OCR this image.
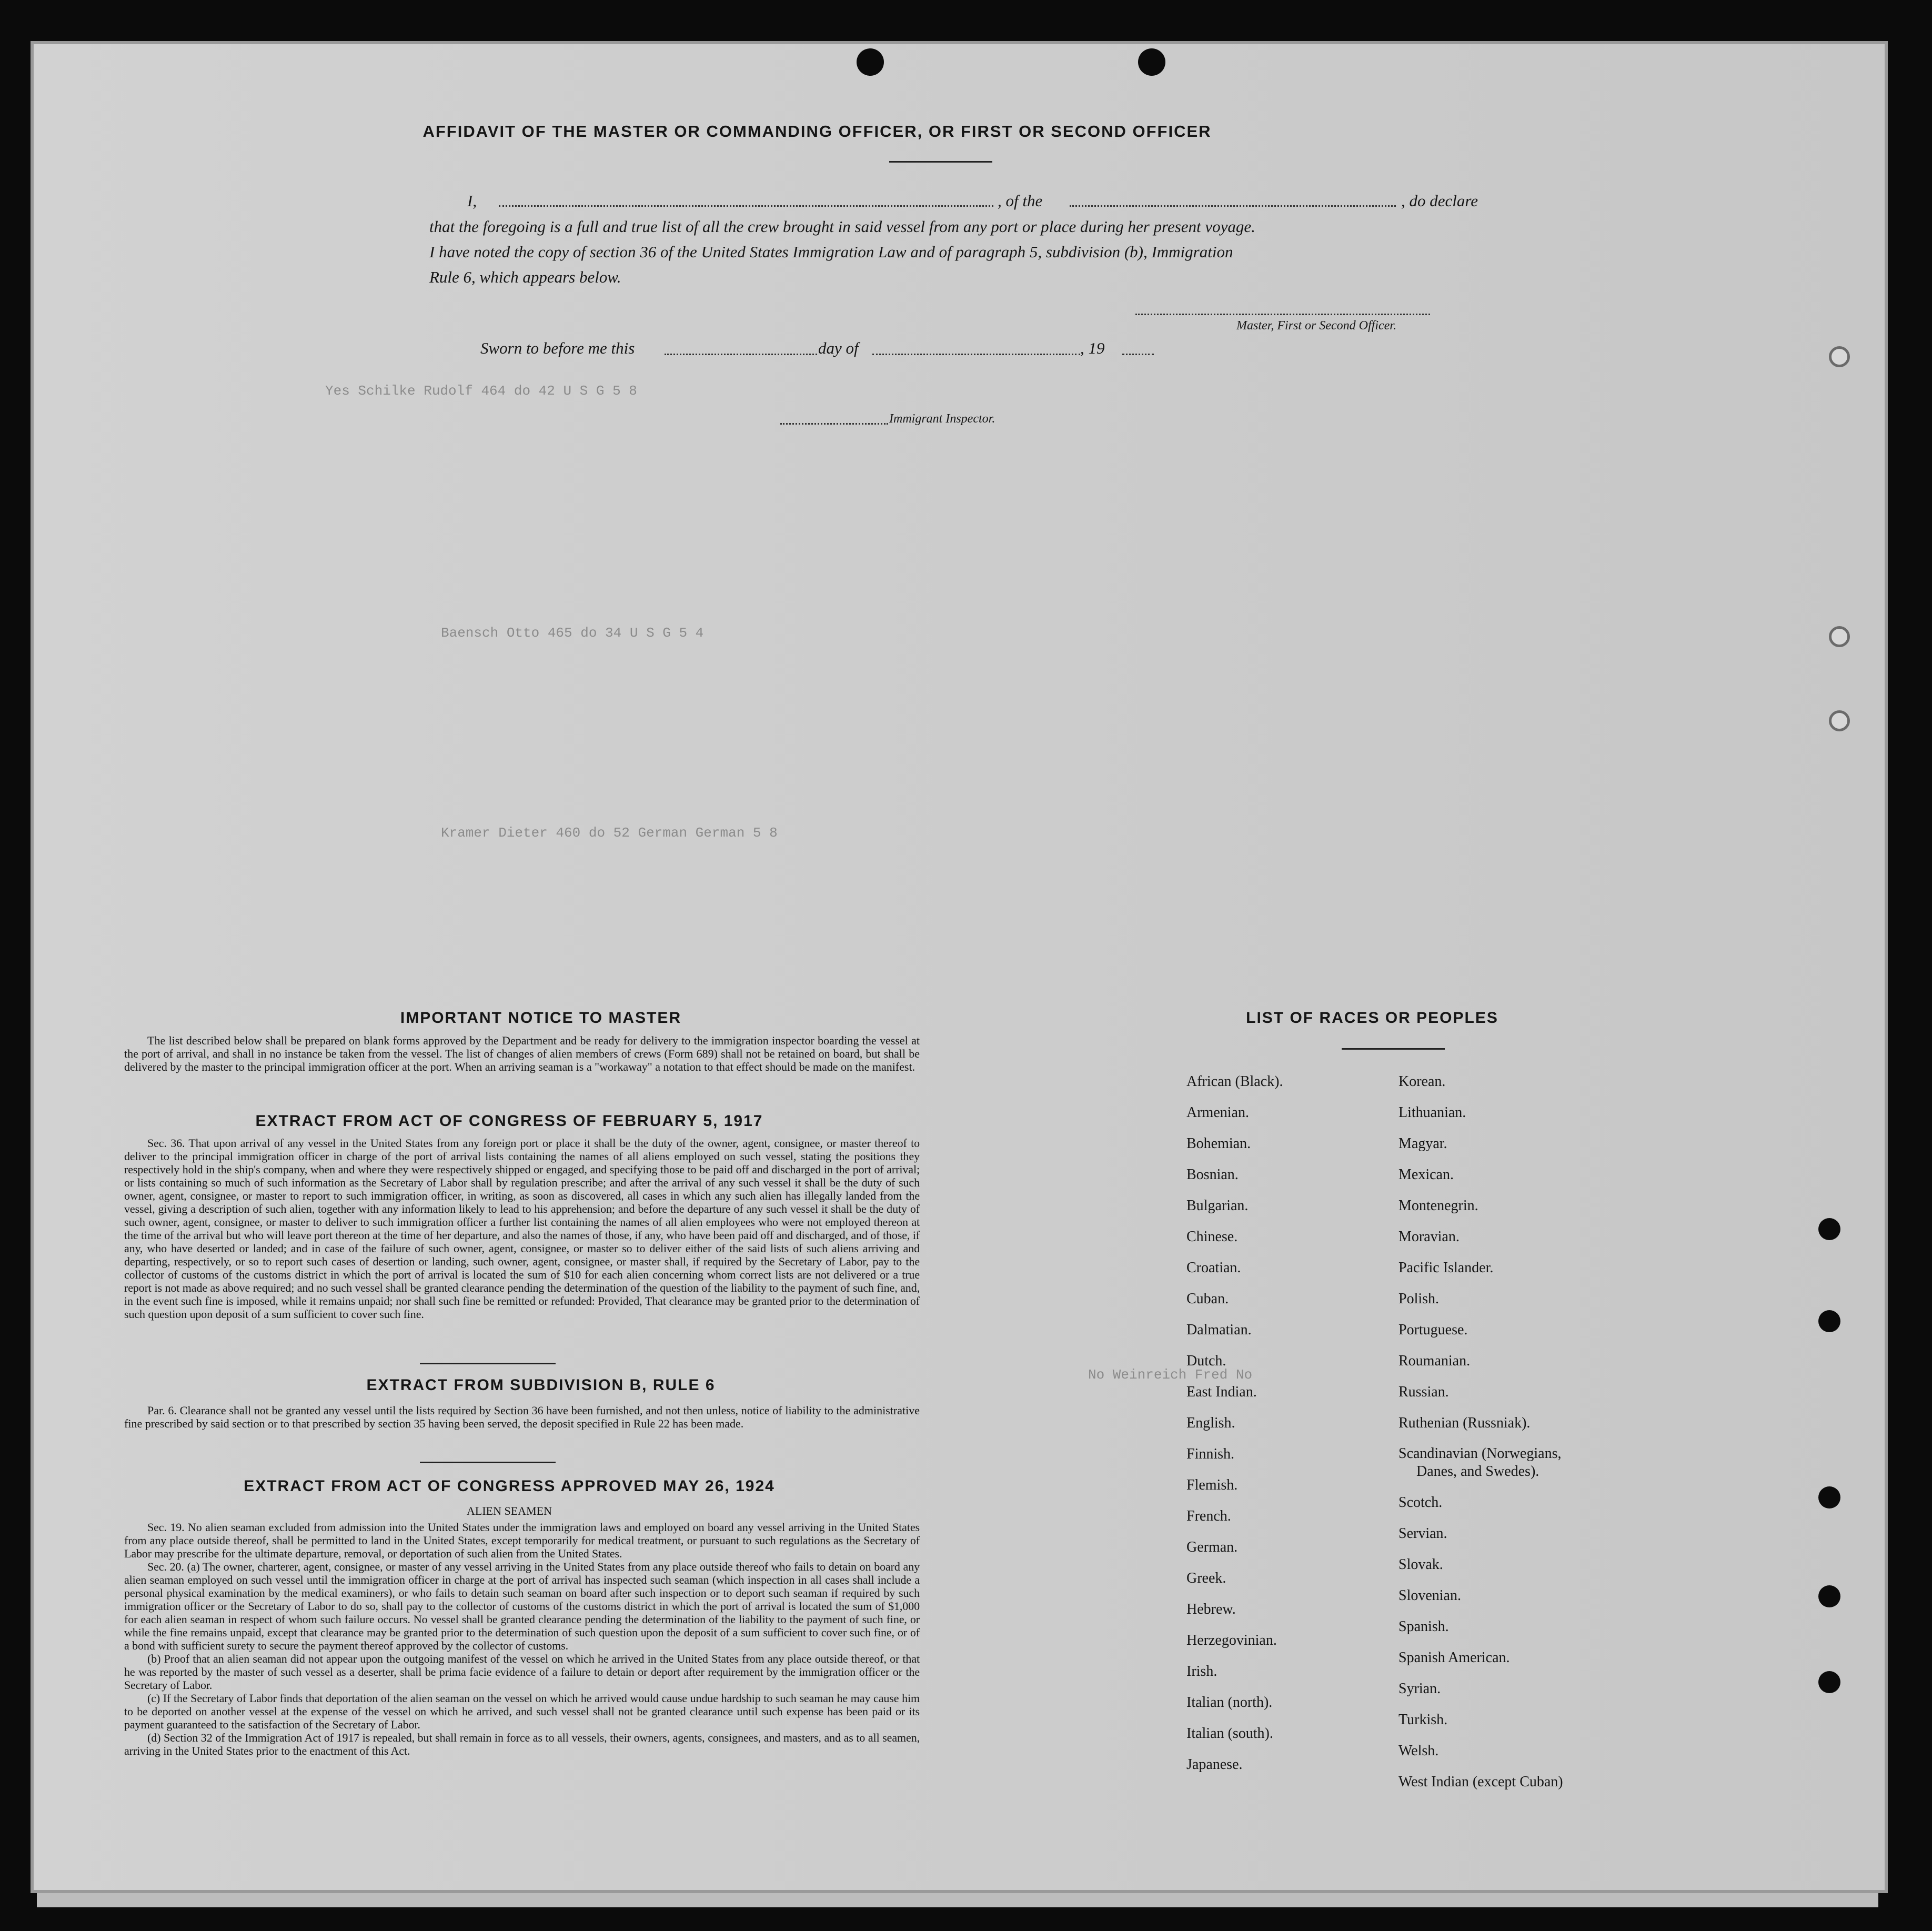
Yes Schilke Rudolf 464 do 42 U S G 5 8
Baensch Otto 465 do 34 U S G 5 4
Kramer Dieter 460 do 52 German German 5 8
No Weinreich Fred No
AFFIDAVIT OF THE MASTER OR COMMANDING OFFICER, OR FIRST OR SECOND OFFICER
I,	, of the	, do declare
that the foregoing is a full and true list of all the crew brought in said vessel from any port or place during her present voyage.
I have noted the copy of section 36 of the United States Immigration Law and of paragraph 5, subdivision (b), Immigration
Rule 6, which appears below.
Master, First or Second Officer.
Sworn to before me this	day of	, 19
Immigrant Inspector.
IMPORTANT NOTICE TO MASTER

The list described below shall be prepared on blank forms approved by the Department and be ready for delivery to the immigration inspector boarding the vessel at the port of arrival, and shall in no instance be taken from the vessel. The list of changes of alien members of crews (Form 689) shall not be retained on board, but shall be delivered by the master to the principal immigration officer at the port. When an arriving seaman is a "workaway" a notation to that effect should be made on the manifest.

EXTRACT FROM ACT OF CONGRESS OF FEBRUARY 5, 1917

Sec. 36. That upon arrival of any vessel in the United States from any foreign port or place it shall be the duty of the owner, agent, consignee, or master thereof to deliver to the principal immigration officer in charge of the port of arrival lists containing the names of all aliens employed on such vessel, stating the positions they respectively hold in the ship's company, when and where they were respectively shipped or engaged, and specifying those to be paid off and discharged in the port of arrival; or lists containing so much of such information as the Secretary of Labor shall by regulation prescribe; and after the arrival of any such vessel it shall be the duty of such owner, agent, consignee, or master to report to such immigration officer, in writing, as soon as discovered, all cases in which any such alien has illegally landed from the vessel, giving a description of such alien, together with any information likely to lead to his apprehension; and before the departure of any such vessel it shall be the duty of such owner, agent, consignee, or master to deliver to such immigration officer a further list containing the names of all alien employees who were not employed thereon at the time of the arrival but who will leave port thereon at the time of her departure, and also the names of those, if any, who have been paid off and discharged, and of those, if any, who have deserted or landed; and in case of the failure of such owner, agent, consignee, or master so to deliver either of the said lists of such aliens arriving and departing, respectively, or so to report such cases of desertion or landing, such owner, agent, consignee, or master shall, if required by the Secretary of Labor, pay to the collector of customs of the customs district in which the port of arrival is located the sum of $10 for each alien concerning whom correct lists are not delivered or a true report is not made as above required; and no such vessel shall be granted clearance pending the determination of the question of the liability to the payment of such fine, and, in the event such fine is imposed, while it remains unpaid; nor shall such fine be remitted or refunded: Provided, That clearance may be granted prior to the determination of such question upon deposit of a sum sufficient to cover such fine.

EXTRACT FROM SUBDIVISION B, RULE 6

Par. 6. Clearance shall not be granted any vessel until the lists required by Section 36 have been furnished, and not then unless, notice of liability to the administrative fine prescribed by said section or to that prescribed by section 35 having been served, the deposit specified in Rule 22 has been made.

EXTRACT FROM ACT OF CONGRESS APPROVED MAY 26, 1924
ALIEN SEAMEN

Sec. 19. No alien seaman excluded from admission into the United States under the immigration laws and employed on board any vessel arriving in the United States from any place outside thereof, shall be permitted to land in the United States, except temporarily for medical treatment, or pursuant to such regulations as the Secretary of Labor may prescribe for the ultimate departure, removal, or deportation of such alien from the United States.

Sec. 20. (a) The owner, charterer, agent, consignee, or master of any vessel arriving in the United States from any place outside thereof who fails to detain on board any alien seaman employed on such vessel until the immigration officer in charge at the port of arrival has inspected such seaman (which inspection in all cases shall include a personal physical examination by the medical examiners), or who fails to detain such seaman on board after such inspection or to deport such seaman if required by such immigration officer or the Secretary of Labor to do so, shall pay to the collector of customs of the customs district in which the port of arrival is located the sum of $1,000 for each alien seaman in respect of whom such failure occurs. No vessel shall be granted clearance pending the determination of the liability to the payment of such fine, or while the fine remains unpaid, except that clearance may be granted prior to the determination of such question upon the deposit of a sum sufficient to cover such fine, or of a bond with sufficient surety to secure the payment thereof approved by the collector of customs.

(b) Proof that an alien seaman did not appear upon the outgoing manifest of the vessel on which he arrived in the United States from any place outside thereof, or that he was reported by the master of such vessel as a deserter, shall be prima facie evidence of a failure to detain or deport after requirement by the immigration officer or the Secretary of Labor.

(c) If the Secretary of Labor finds that deportation of the alien seaman on the vessel on which he arrived would cause undue hardship to such seaman he may cause him to be deported on another vessel at the expense of the vessel on which he arrived, and such vessel shall not be granted clearance until such expense has been paid or its payment guaranteed to the satisfaction of the Secretary of Labor.

(d) Section 32 of the Immigration Act of 1917 is repealed, but shall remain in force as to all vessels, their owners, agents, consignees, and masters, and as to all seamen, arriving in the United States prior to the enactment of this Act.

LIST OF RACES OR PEOPLES
African (Black).
Armenian.
Bohemian.
Bosnian.
Bulgarian.
Chinese.
Croatian.
Cuban.
Dalmatian.
Dutch.
East Indian.
English.
Finnish.
Flemish.
French.
German.
Greek.
Hebrew.
Herzegovinian.
Irish.
Italian (north).
Italian (south).
Japanese.
Korean.
Lithuanian.
Magyar.
Mexican.
Montenegrin.
Moravian.
Pacific Islander.
Polish.
Portuguese.
Roumanian.
Russian.
Ruthenian (Russniak).
Scandinavian (Norwegians,
Danes, and Swedes).
Scotch.
Servian.
Slovak.
Slovenian.
Spanish.
Spanish American.
Syrian.
Turkish.
Welsh.
West Indian (except Cuban)
